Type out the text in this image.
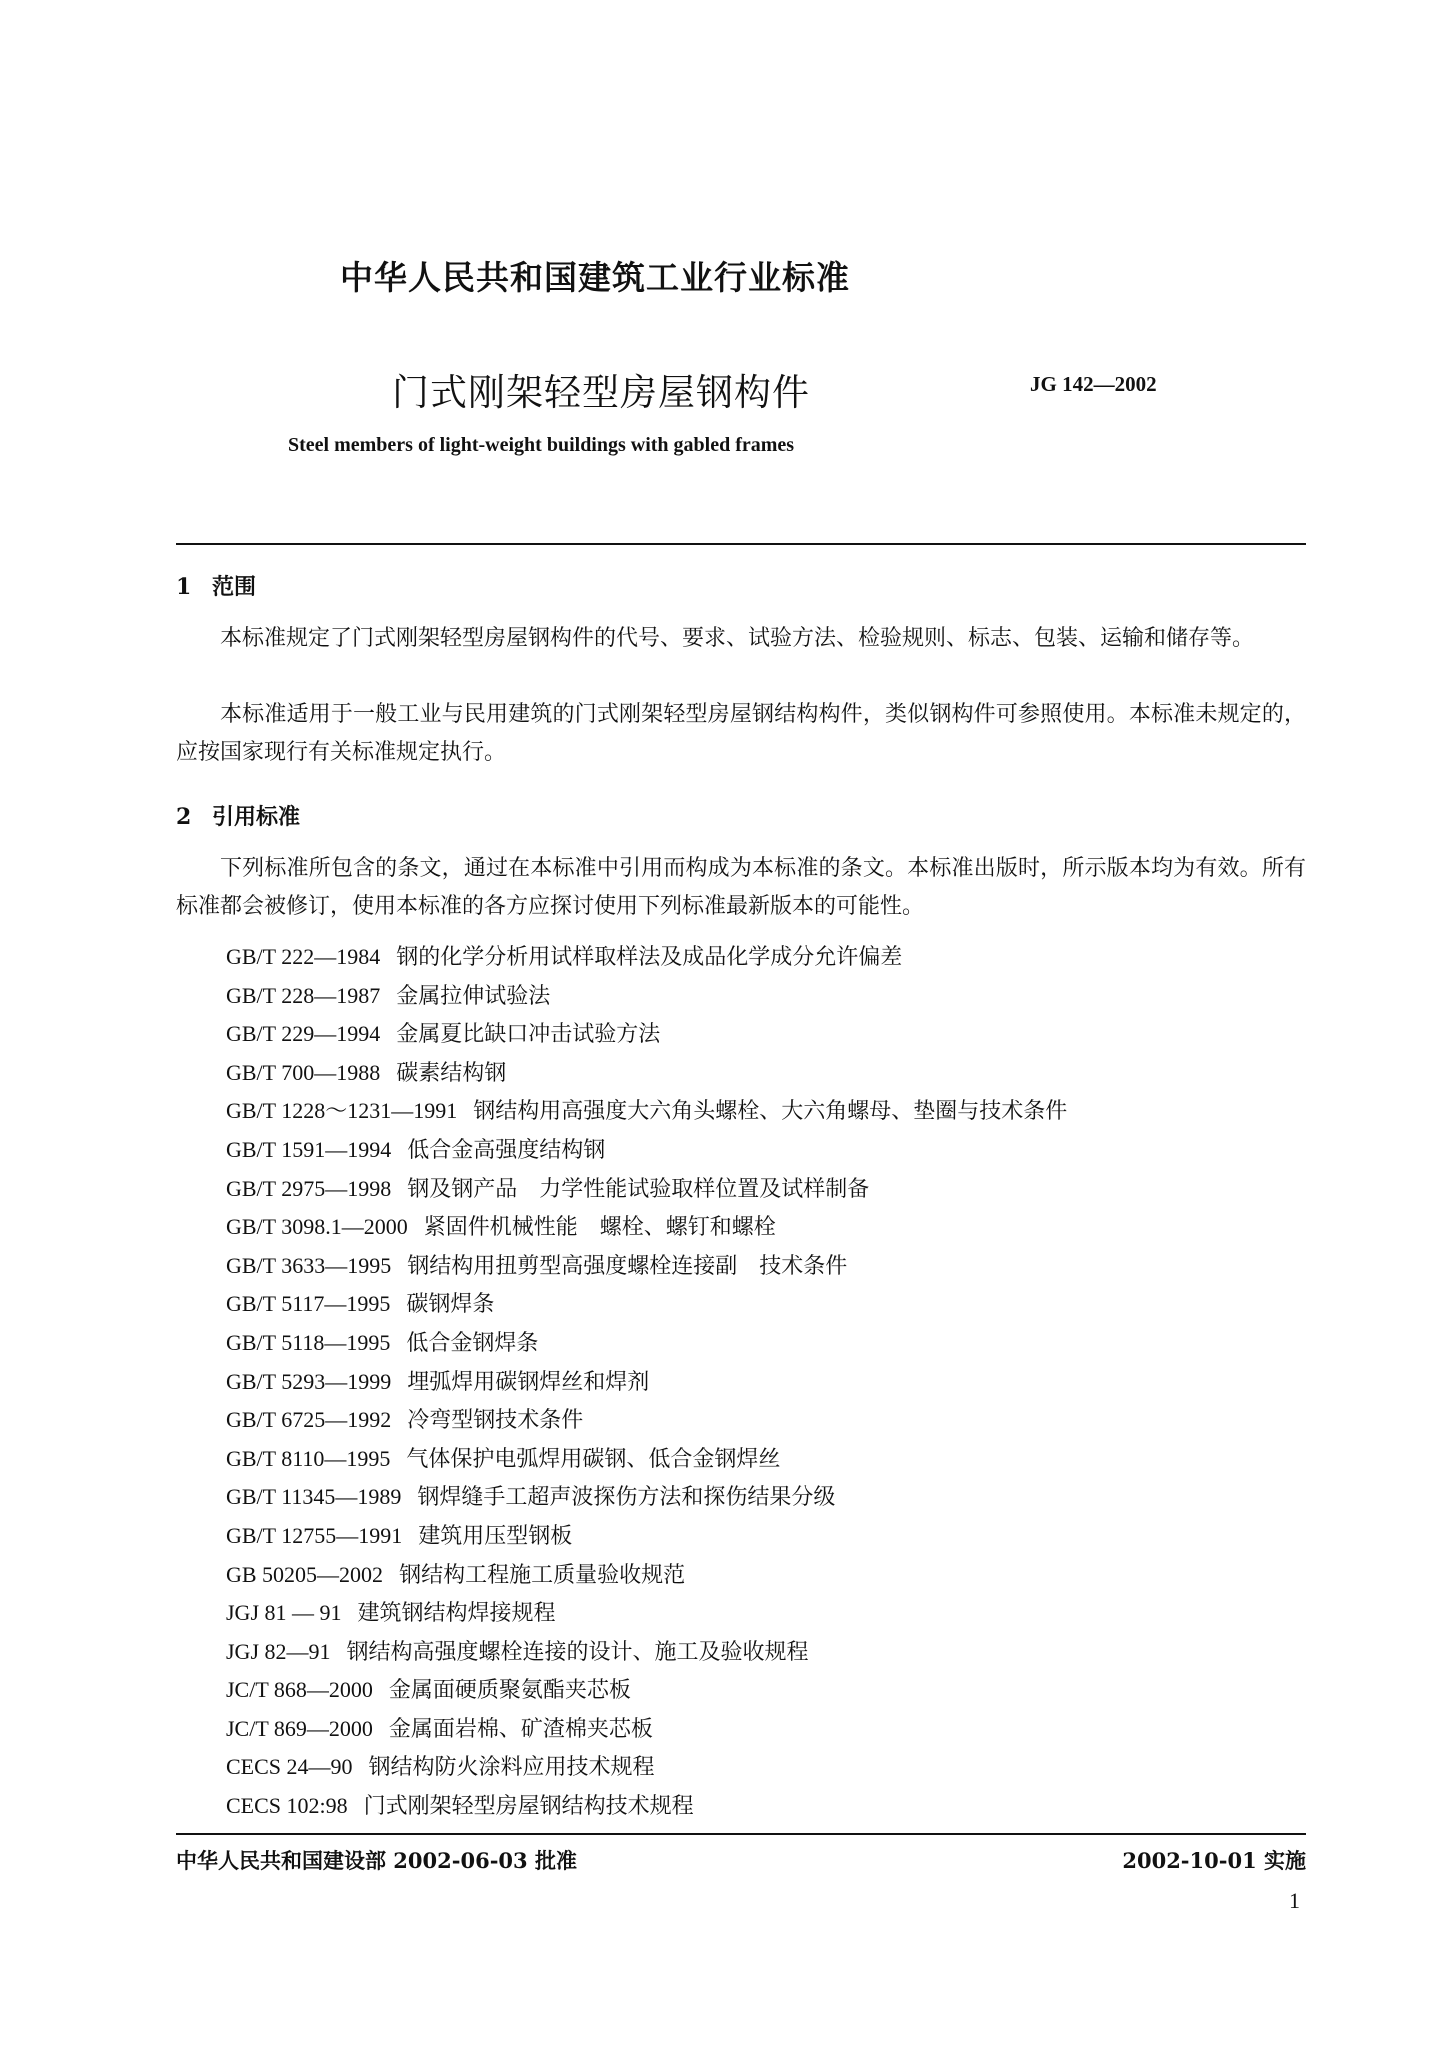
中华人民共和国建筑工业行业标准
门式刚架轻型房屋钢构件	JG 142—2002
Steel members of light-weight buildings with gabled frames
1 范围
本标准规定了门式刚架轻型房屋钢构件的代号、要求、试验方法、检验规则、标志、包装、运输和储存等。
本标准适用于一般工业与民用建筑的门式刚架轻型房屋钢结构构件，类似钢构件可参照使用。本标准未规定的，应按国家现行有关标准规定执行。
2 引用标准
下列标准所包含的条文，通过在本标准中引用而构成为本标准的条文。本标准出版时，所示版本均为有效。所有标准都会被修订，使用本标准的各方应探讨使用下列标准最新版本的可能性。
GB/T 222—1984 钢的化学分析用试样取样法及成品化学成分允许偏差
GB/T 228—1987 金属拉伸试验法
GB/T 229—1994 金属夏比缺口冲击试验方法
GB/T 700—1988 碳素结构钢
GB/T 1228～1231—1991 钢结构用高强度大六角头螺栓、大六角螺母、垫圈与技术条件
GB/T 1591—1994 低合金高强度结构钢
GB/T 2975—1998 钢及钢产品　力学性能试验取样位置及试样制备
GB/T 3098.1—2000 紧固件机械性能　螺栓、螺钉和螺栓
GB/T 3633—1995 钢结构用扭剪型高强度螺栓连接副　技术条件
GB/T 5117—1995 碳钢焊条
GB/T 5118—1995 低合金钢焊条
GB/T 5293—1999 埋弧焊用碳钢焊丝和焊剂
GB/T 6725—1992 冷弯型钢技术条件
GB/T 8110—1995 气体保护电弧焊用碳钢、低合金钢焊丝
GB/T 11345—1989 钢焊缝手工超声波探伤方法和探伤结果分级
GB/T 12755—1991 建筑用压型钢板
GB 50205—2002 钢结构工程施工质量验收规范
JGJ 81 — 91 建筑钢结构焊接规程
JGJ 82—91 钢结构高强度螺栓连接的设计、施工及验收规程
JC/T 868—2000 金属面硬质聚氨酯夹芯板
JC/T 869—2000 金属面岩棉、矿渣棉夹芯板
CECS 24—90 钢结构防火涂料应用技术规程
CECS 102:98 门式刚架轻型房屋钢结构技术规程
中华人民共和国建设部 2002-06-03 批准	2002-10-01 实施
1
